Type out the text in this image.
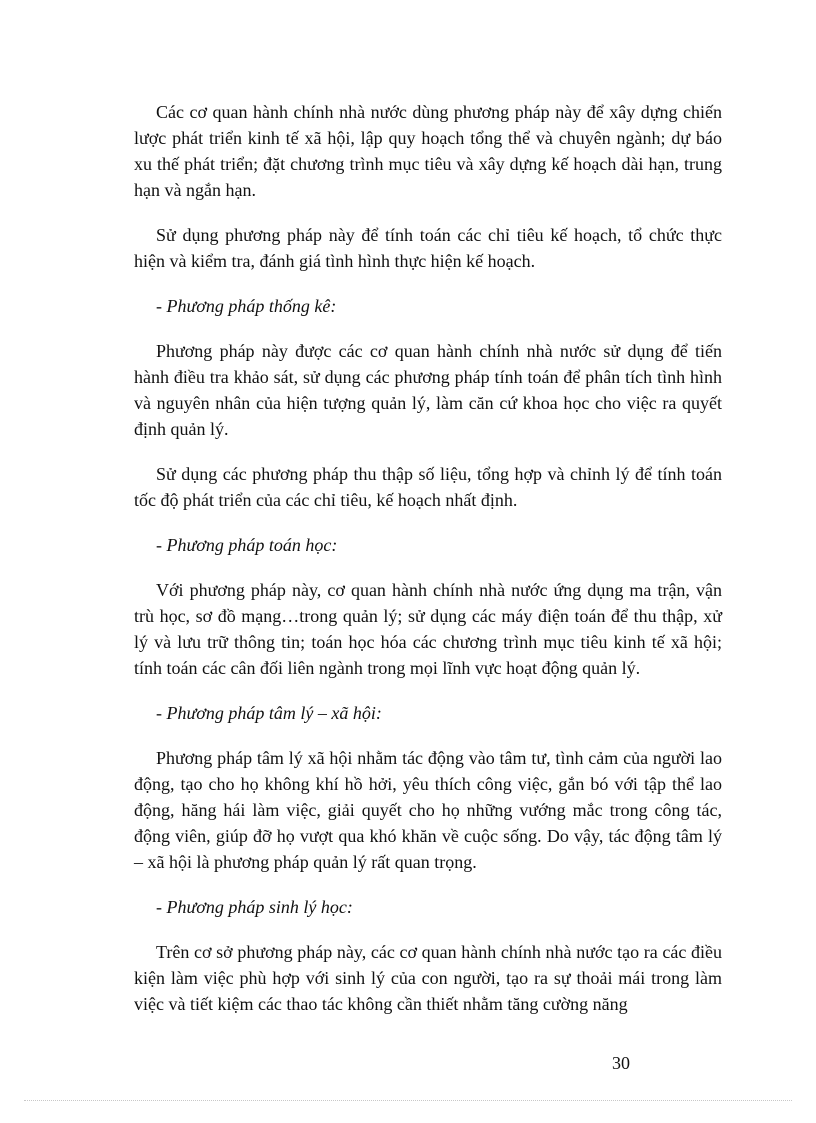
Các cơ quan hành chính nhà nước dùng phương pháp này để xây dựng chiến lược phát triển kinh tế xã hội, lập quy hoạch tổng thể và chuyên ngành; dự báo xu thế phát triển; đặt chương trình mục tiêu và xây dựng kế hoạch dài hạn, trung hạn và ngắn hạn.

Sử dụng phương pháp này để tính toán các chỉ tiêu kế hoạch, tổ chức thực hiện và kiểm tra, đánh giá tình hình thực hiện kế hoạch.

- Phương pháp thống kê:

Phương pháp này được các cơ quan hành chính nhà nước sử dụng để tiến hành điều tra khảo sát, sử dụng các phương pháp tính toán để phân tích tình hình và nguyên nhân của hiện tượng quản lý, làm căn cứ khoa học cho việc ra quyết định quản lý.

Sử dụng các phương pháp thu thập số liệu, tổng hợp và chỉnh lý để tính toán tốc độ phát triển của các chỉ tiêu, kế hoạch nhất định.

- Phương pháp toán học:

Với phương pháp này, cơ quan hành chính nhà nước ứng dụng ma trận, vận trù học, sơ đồ mạng…trong quản lý; sử dụng các máy điện toán để thu thập, xử lý và lưu trữ thông tin; toán học hóa các chương trình mục tiêu kinh tế xã hội; tính toán các cân đối liên ngành trong mọi lĩnh vực hoạt động quản lý.

- Phương pháp tâm lý – xã hội:

Phương pháp tâm lý xã hội nhằm tác động vào tâm tư, tình cảm của người lao động, tạo cho họ không khí hồ hởi, yêu thích công việc, gắn bó với tập thể lao động, hăng hái làm việc, giải quyết cho họ những vướng mắc trong công tác, động viên, giúp đỡ họ vượt qua khó khăn về cuộc sống. Do vậy, tác động tâm lý – xã hội là phương pháp quản lý rất quan trọng.

- Phương pháp sinh lý học:

Trên cơ sở phương pháp này, các cơ quan hành chính nhà nước tạo ra các điều kiện làm việc phù hợp với sinh lý của con người, tạo ra sự thoải mái trong làm việc và tiết kiệm các thao tác không cần thiết nhằm tăng cường năng

30
